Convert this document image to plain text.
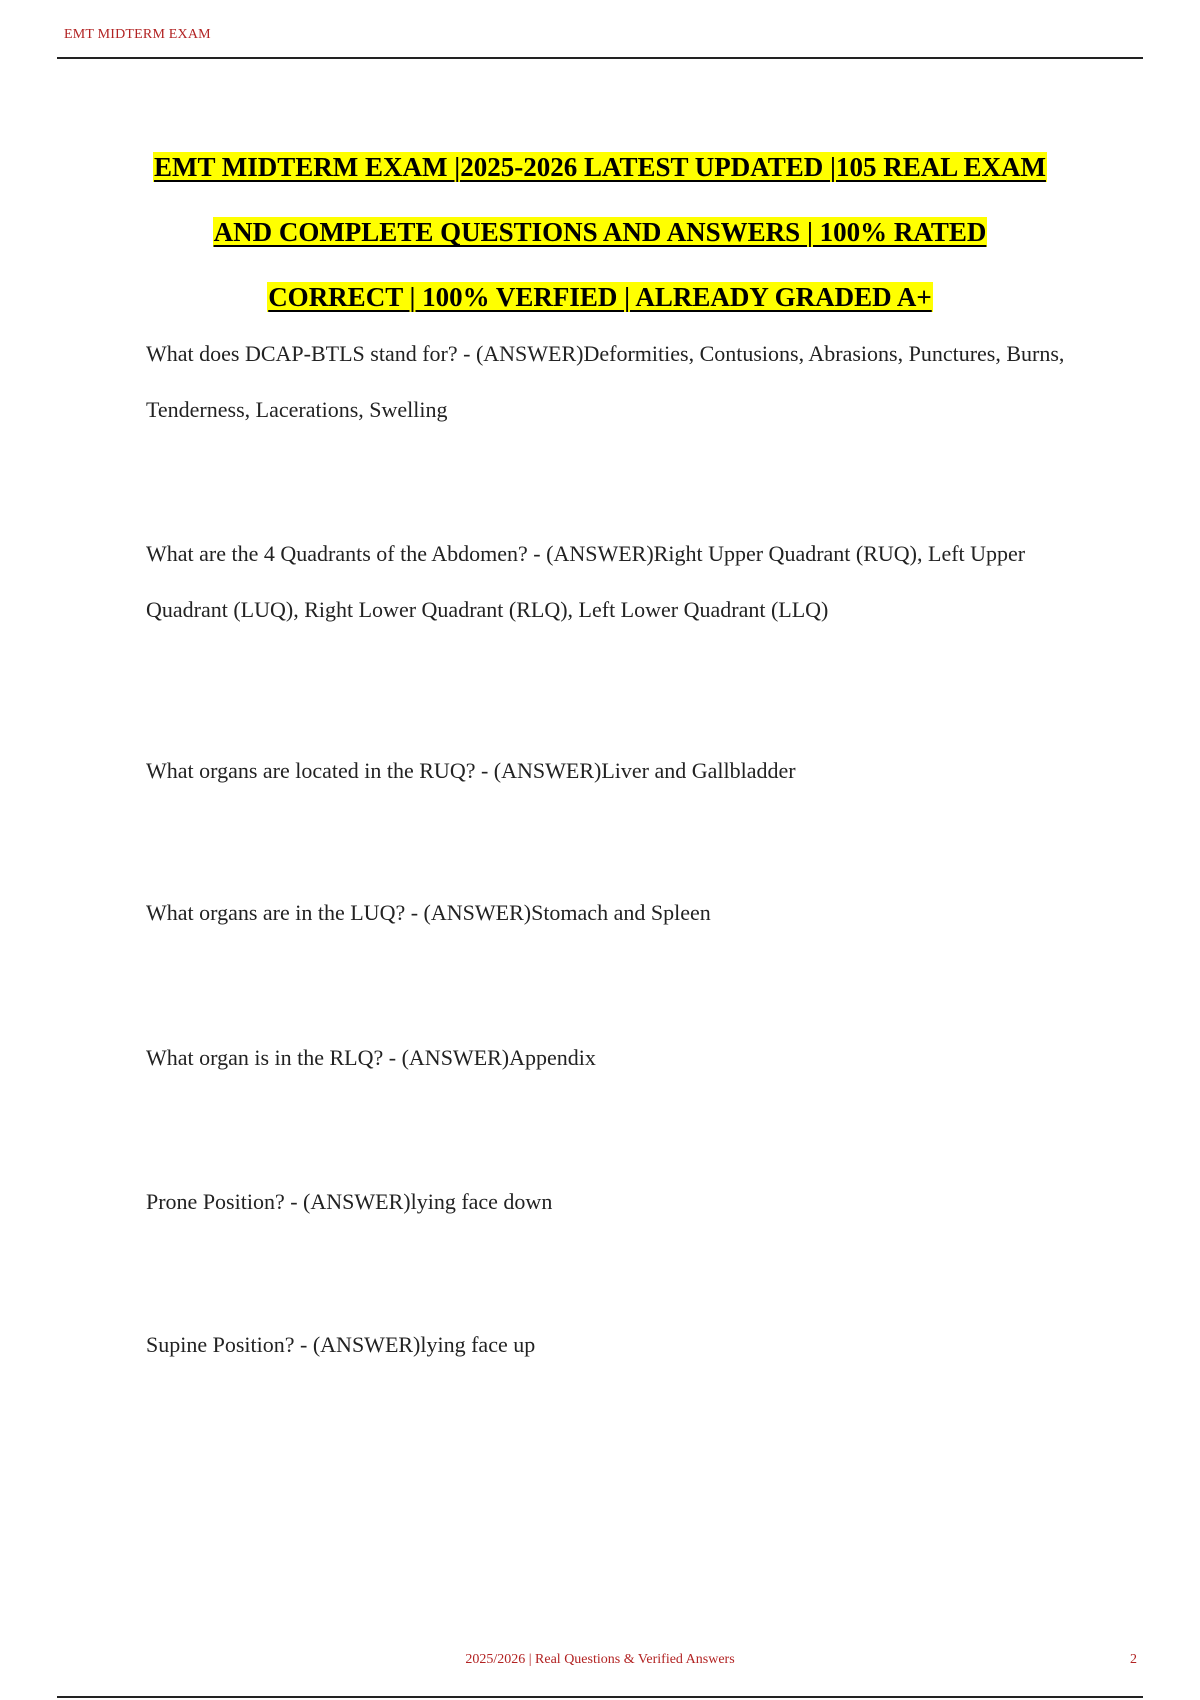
EMT MIDTERM EXAM
EMT MIDTERM EXAM |2025-2026 LATEST UPDATED |105 REAL EXAM
AND COMPLETE QUESTIONS AND ANSWERS | 100% RATED
CORRECT | 100% VERFIED | ALREADY GRADED A+

What does DCAP-BTLS stand for? - (ANSWER)Deformities, Contusions, Abrasions, Punctures, Burns, Tenderness, Lacerations, Swelling

What are the 4 Quadrants of the Abdomen? - (ANSWER)Right Upper Quadrant (RUQ), Left Upper Quadrant (LUQ), Right Lower Quadrant (RLQ), Left Lower Quadrant (LLQ)

What organs are located in the RUQ? - (ANSWER)Liver and Gallbladder

What organs are in the LUQ? - (ANSWER)Stomach and Spleen

What organ is in the RLQ? - (ANSWER)Appendix

Prone Position? - (ANSWER)lying face down

Supine Position? - (ANSWER)lying face up

2025/2026 | Real Questions & Verified Answers	2
